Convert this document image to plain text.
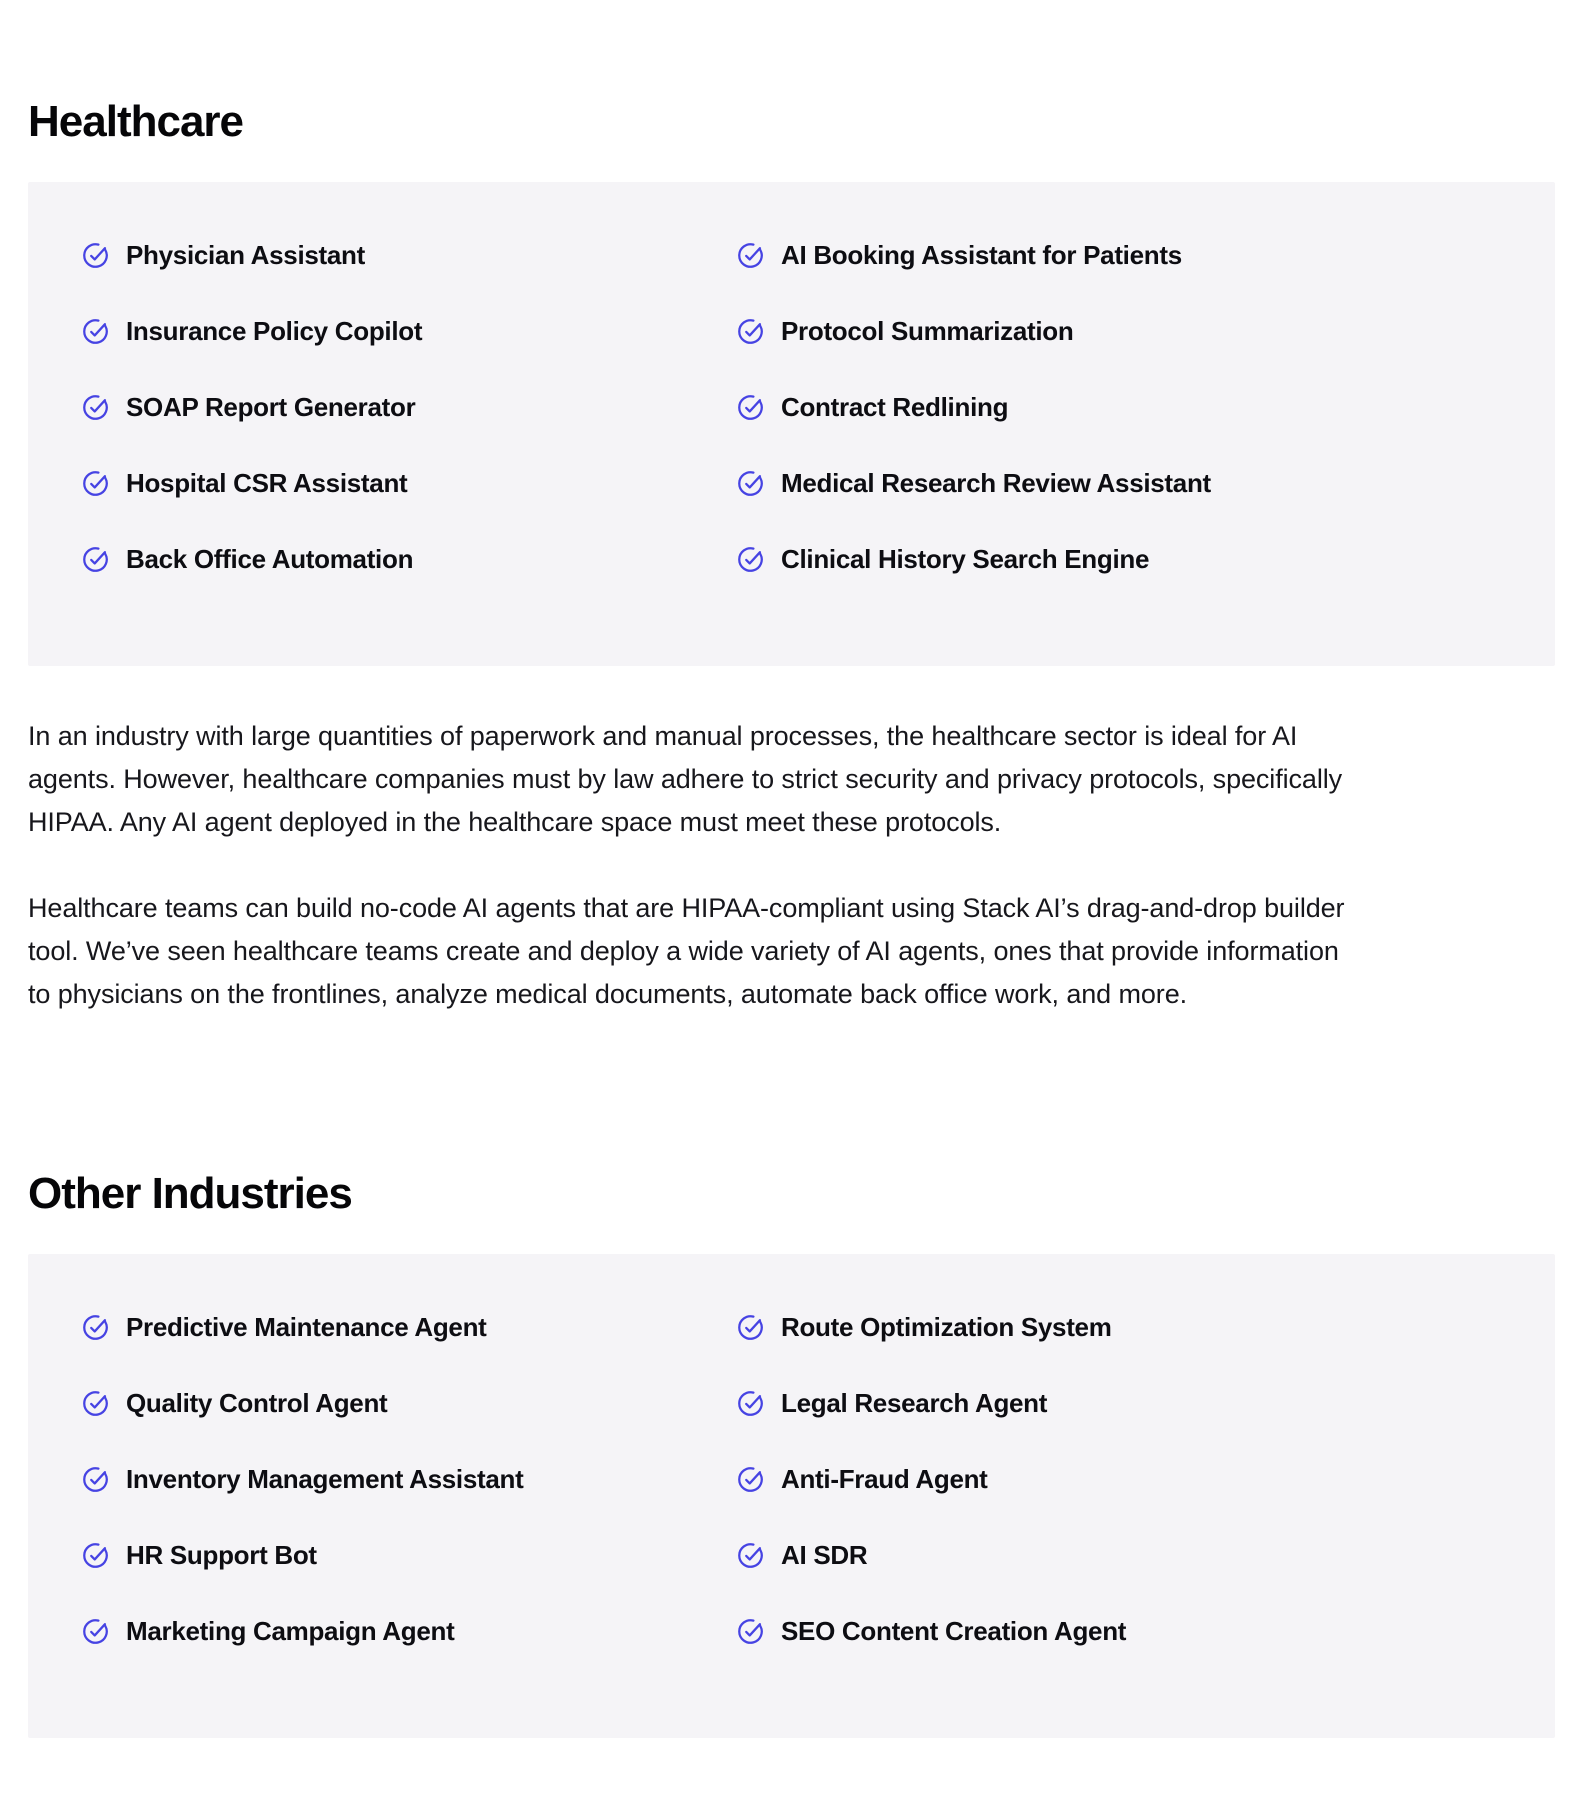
Healthcare
Physician Assistant
Insurance Policy Copilot
SOAP Report Generator
Hospital CSR Assistant
Back Office Automation
AI Booking Assistant for Patients
Protocol Summarization
Contract Redlining
Medical Research Review Assistant
Clinical History Search Engine

In an industry with large quantities of paperwork and manual processes, the healthcare sector is ideal for AI
agents. However, healthcare companies must by law adhere to strict security and privacy protocols, specifically
HIPAA. Any AI agent deployed in the healthcare space must meet these protocols.

Healthcare teams can build no-code AI agents that are HIPAA-compliant using Stack AI’s drag-and-drop builder
tool. We’ve seen healthcare teams create and deploy a wide variety of AI agents, ones that provide information
to physicians on the frontlines, analyze medical documents, automate back office work, and more.

Other Industries
Predictive Maintenance Agent
Quality Control Agent
Inventory Management Assistant
HR Support Bot
Marketing Campaign Agent
Route Optimization System
Legal Research Agent
Anti-Fraud Agent
AI SDR
SEO Content Creation Agent
